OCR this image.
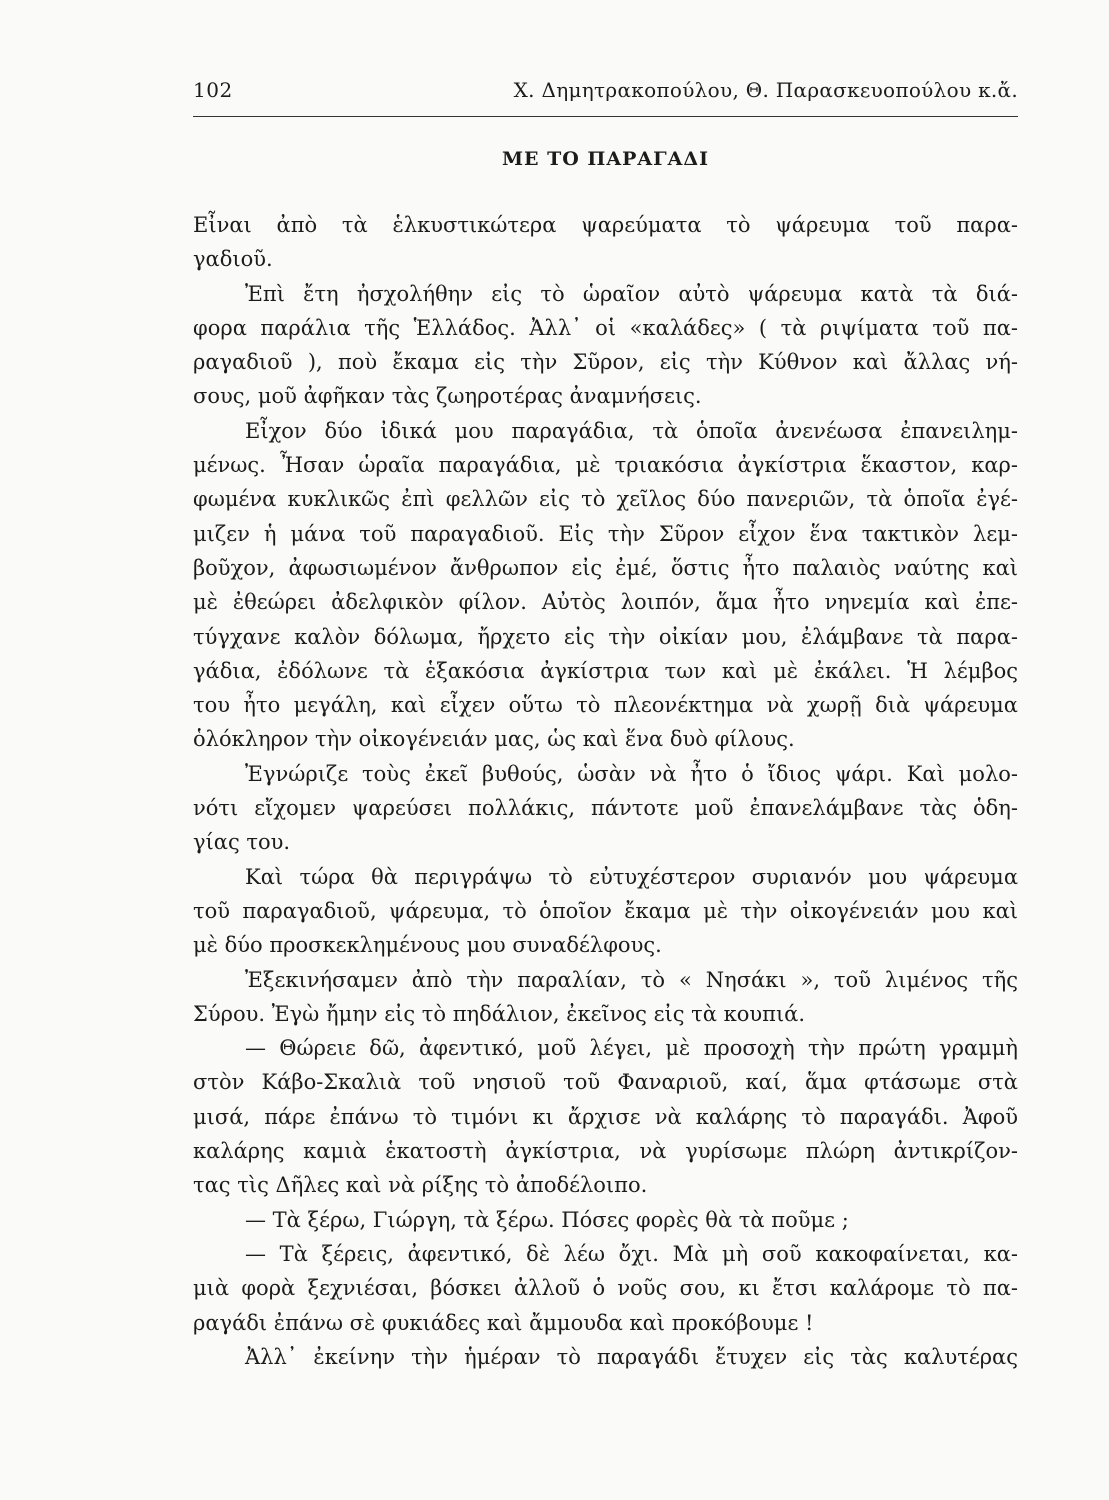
102	Χ. Δημητρακοπούλου, Θ. Παρασκευοπούλου κ.ἄ.
ΜΕ ΤΟ ΠΑΡΑΓΑΔΙ
Εἶναι ἀπὸ τὰ ἑλκυστικώτερα ψαρεύματα τὸ ψάρευμα τοῦ παρα-
γαδιοῦ.
Ἐπὶ ἔτη ἠσχολήθην εἰς τὸ ὡραῖον αὐτὸ ψάρευμα κατὰ τὰ διά-
φορα παράλια τῆς Ἑλλάδος. Ἀλλ᾽ οἱ «καλάδες» ( τὰ ριψίματα τοῦ πα-
ραγαδιοῦ ), ποὺ ἔκαμα εἰς τὴν Σῦρον, εἰς τὴν Κύθνον καὶ ἄλλας νή-
σους, μοῦ ἀφῆκαν τὰς ζωηροτέρας ἀναμνήσεις.
Εἶχον δύο ἰδικά μου παραγάδια, τὰ ὁποῖα ἀνενέωσα ἐπανειλημ-
μένως. Ἦσαν ὡραῖα παραγάδια, μὲ τριακόσια ἀγκίστρια ἕκαστον, καρ-
φωμένα κυκλικῶς ἐπὶ φελλῶν εἰς τὸ χεῖλος δύο πανεριῶν, τὰ ὁποῖα ἐγέ-
μιζεν ἡ μάνα τοῦ παραγαδιοῦ. Εἰς τὴν Σῦρον εἶχον ἕνα τακτικὸν λεμ-
βοῦχον, ἀφωσιωμένον ἄνθρωπον εἰς ἐμέ, ὅστις ἦτο παλαιὸς ναύτης καὶ
μὲ ἐθεώρει ἀδελφικὸν φίλον. Αὐτὸς λοιπόν, ἅμα ἦτο νηνεμία καὶ ἐπε-
τύγχανε καλὸν δόλωμα, ἤρχετο εἰς τὴν οἰκίαν μου, ἐλάμβανε τὰ παρα-
γάδια, ἐδόλωνε τὰ ἑξακόσια ἀγκίστρια των καὶ μὲ ἐκάλει. Ἡ λέμβος
του ἦτο μεγάλη, καὶ εἶχεν οὕτω τὸ πλεονέκτημα νὰ χωρῇ διὰ ψάρευμα
ὁλόκληρον τὴν οἰκογένειάν μας, ὡς καὶ ἕνα δυὸ φίλους.
Ἐγνώριζε τοὺς ἐκεῖ βυθούς, ὡσὰν νὰ ἦτο ὁ ἴδιος ψάρι. Καὶ μολο-
νότι εἴχομεν ψαρεύσει πολλάκις, πάντοτε μοῦ ἐπανελάμβανε τὰς ὁδη-
γίας του.
Καὶ τώρα θὰ περιγράψω τὸ εὐτυχέστερον συριανόν μου ψάρευμα
τοῦ παραγαδιοῦ, ψάρευμα, τὸ ὁποῖον ἔκαμα μὲ τὴν οἰκογένειάν μου καὶ
μὲ δύο προσκεκλημένους μου συναδέλφους.
Ἐξεκινήσαμεν ἀπὸ τὴν παραλίαν, τὸ « Νησάκι », τοῦ λιμένος τῆς
Σύρου. Ἐγὼ ἤμην εἰς τὸ πηδάλιον, ἐκεῖνος εἰς τὰ κουπιά.
— Θώρειε δῶ, ἀφεντικό, μοῦ λέγει, μὲ προσοχὴ τὴν πρώτη γραμμὴ
στὸν Κάβο-Σκαλιὰ τοῦ νησιοῦ τοῦ Φαναριοῦ, καί, ἅμα φτάσωμε στὰ
μισά, πάρε ἐπάνω τὸ τιμόνι κι ἄρχισε νὰ καλάρης τὸ παραγάδι. Ἀφοῦ
καλάρης καμιὰ ἑκατοστὴ ἀγκίστρια, νὰ γυρίσωμε πλώρη ἀντικρίζον-
τας τὶς Δῆλες καὶ νὰ ρίξης τὸ ἀποδέλοιπο.
— Τὰ ξέρω, Γιώργη, τὰ ξέρω. Πόσες φορὲς θὰ τὰ ποῦμε ;
— Τὰ ξέρεις, ἀφεντικό, δὲ λέω ὄχι. Μὰ μὴ σοῦ κακοφαίνεται, κα-
μιὰ φορὰ ξεχνιέσαι, βόσκει ἀλλοῦ ὁ νοῦς σου, κι ἔτσι καλάρομε τὸ πα-
ραγάδι ἐπάνω σὲ φυκιάδες καὶ ἄμμουδα καὶ προκόβουμε !
Ἀλλ᾽ ἐκείνην τὴν ἡμέραν τὸ παραγάδι ἔτυχεν εἰς τὰς καλυτέρας
